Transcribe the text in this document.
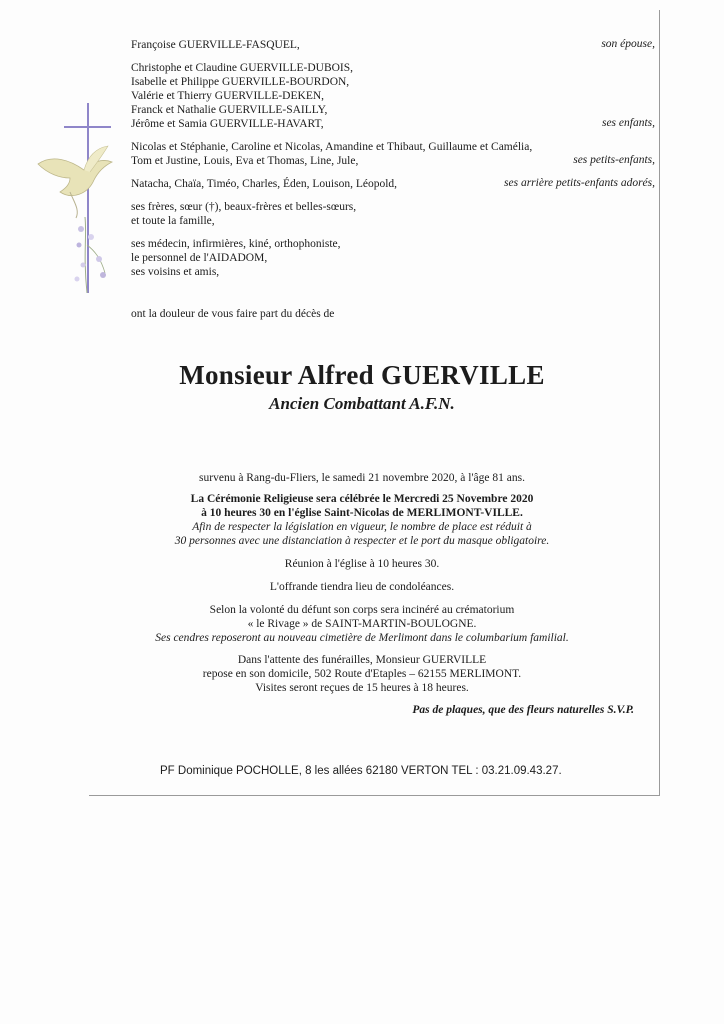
Françoise GUERVILLE-FASQUEL,	son épouse,
Christophe et Claudine GUERVILLE-DUBOIS,
Isabelle et Philippe GUERVILLE-BOURDON,
Valérie et Thierry GUERVILLE-DEKEN,
Franck et Nathalie GUERVILLE-SAILLY,
Jérôme et Samia GUERVILLE-HAVART,	ses enfants,
Nicolas et Stéphanie, Caroline et Nicolas, Amandine et Thibaut, Guillaume et Camélia,
Tom et Justine, Louis, Eva et Thomas, Line, Jule,	ses petits-enfants,
Natacha, Chaïa, Timéo, Charles, Éden, Louison, Léopold,	ses arrière petits-enfants adorés,
ses frères, sœur (†), beaux-frères et belles-sœurs,
et toute la famille,
ses médecin, infirmières, kiné, orthophoniste,
le personnel de l'AIDADOM,
ses voisins et amis,
ont la douleur de vous faire part du décès de
Monsieur Alfred GUERVILLE
Ancien Combattant A.F.N.
survenu à Rang-du-Fliers, le samedi 21 novembre 2020, à l'âge 81 ans.
La Cérémonie Religieuse sera célébrée le Mercredi 25 Novembre 2020
à 10 heures 30 en l'église Saint-Nicolas de MERLIMONT-VILLE.
Afin de respecter la législation en vigueur, le nombre de place est réduit à
30 personnes avec une distanciation à respecter et le port du masque obligatoire.
Réunion à l'église à 10 heures 30.
L'offrande tiendra lieu de condoléances.
Selon la volonté du défunt son corps sera incinéré au crématorium
« le Rivage » de SAINT-MARTIN-BOULOGNE.
Ses cendres reposeront au nouveau cimetière de Merlimont dans le columbarium familial.
Dans l'attente des funérailles, Monsieur GUERVILLE
repose en son domicile, 502 Route d'Etaples – 62155 MERLIMONT.
Visites seront reçues de 15 heures à 18 heures.
Pas de plaques, que des fleurs naturelles S.V.P.
PF Dominique POCHOLLE, 8 les allées 62180 VERTON TEL : 03.21.09.43.27.
